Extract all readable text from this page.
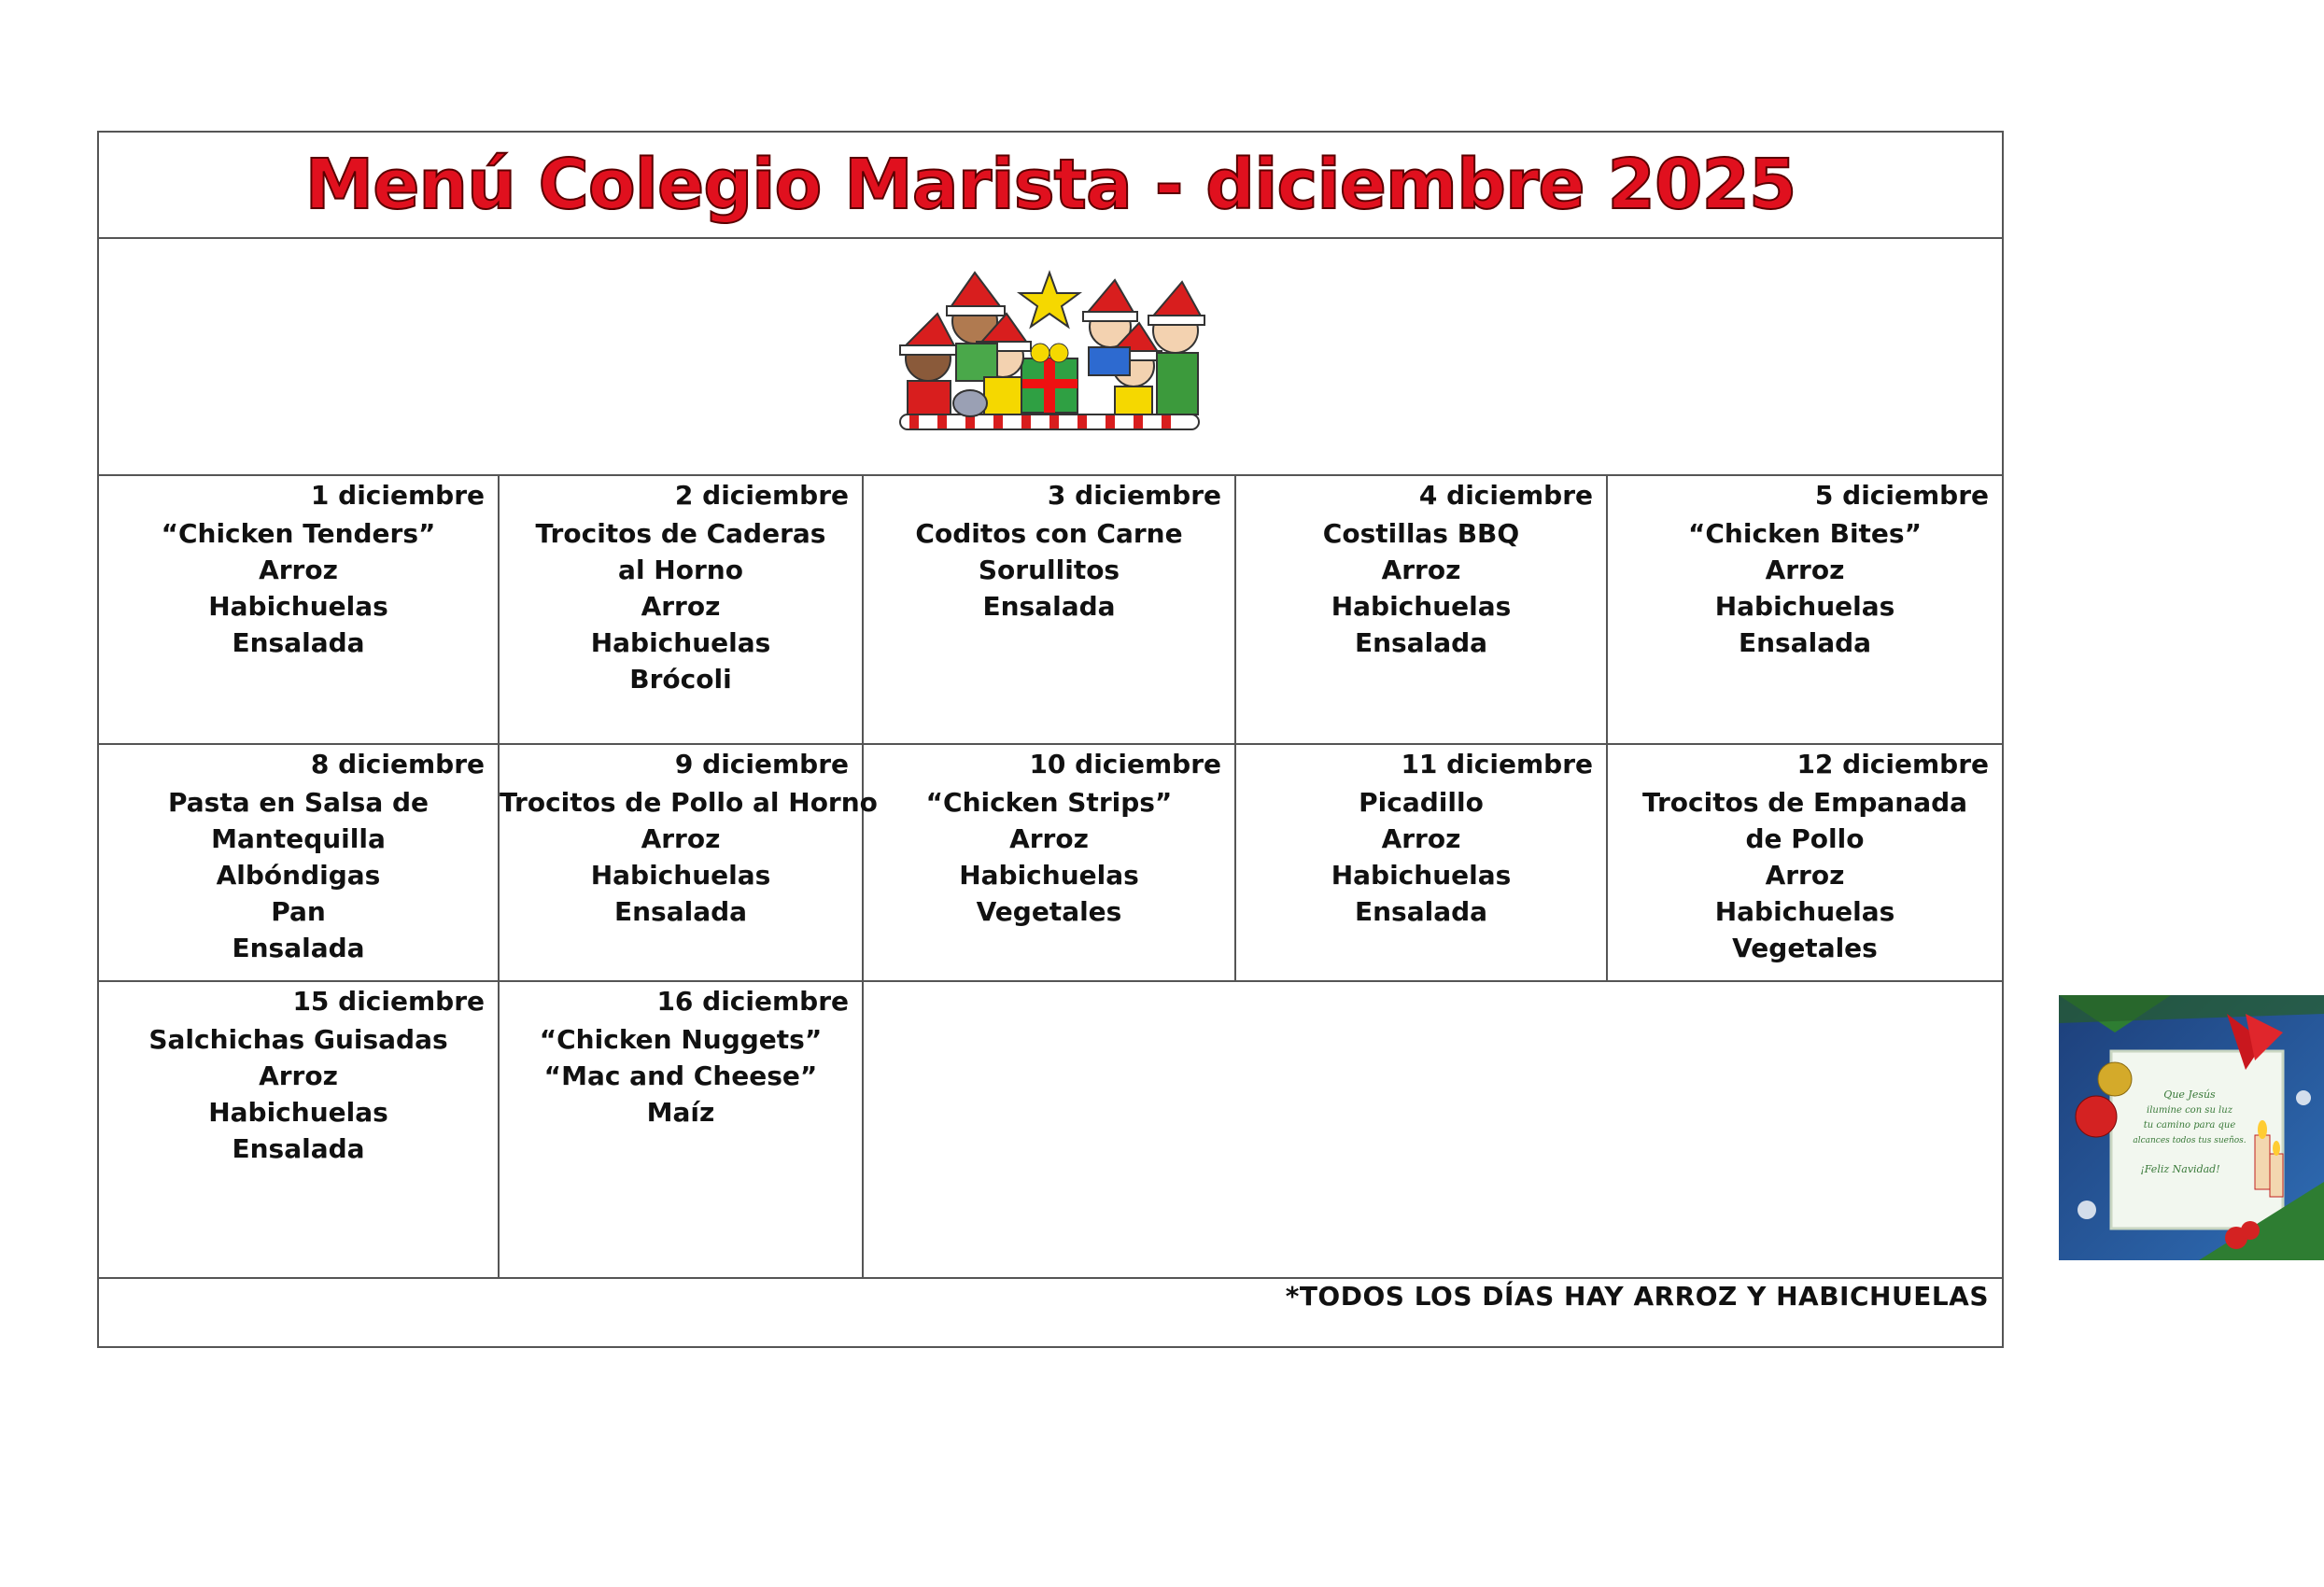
Menú Colegio Marista - diciembre 2025
1 diciembre
“Chicken Tenders”
Arroz
Habichuelas
Ensalada
2 diciembre
Trocitos de Caderas
al Horno
Arroz
Habichuelas
Brócoli
3 diciembre
Coditos con Carne
Sorullitos
Ensalada
4 diciembre
Costillas BBQ
Arroz
Habichuelas
Ensalada
5 diciembre
“Chicken Bites”
Arroz
Habichuelas
Ensalada
8 diciembre
Pasta en Salsa de
Mantequilla
Albóndigas
Pan
Ensalada
9 diciembre
Trocitos de Pollo al Horno
Arroz
Habichuelas
Ensalada
10 diciembre
“Chicken Strips”
Arroz
Habichuelas
Vegetales
11 diciembre
Picadillo
Arroz
Habichuelas
Ensalada
12 diciembre
Trocitos de Empanada
de Pollo
Arroz
Habichuelas
Vegetales
15 diciembre
Salchichas Guisadas
Arroz
Habichuelas
Ensalada
16 diciembre
“Chicken Nuggets”
“Mac and Cheese”
Maíz
Que Jesús
ilumine con su luz
tu camino para que
alcances todos tus sueños.
¡Feliz Navidad!
*TODOS LOS DÍAS HAY ARROZ Y HABICHUELAS
